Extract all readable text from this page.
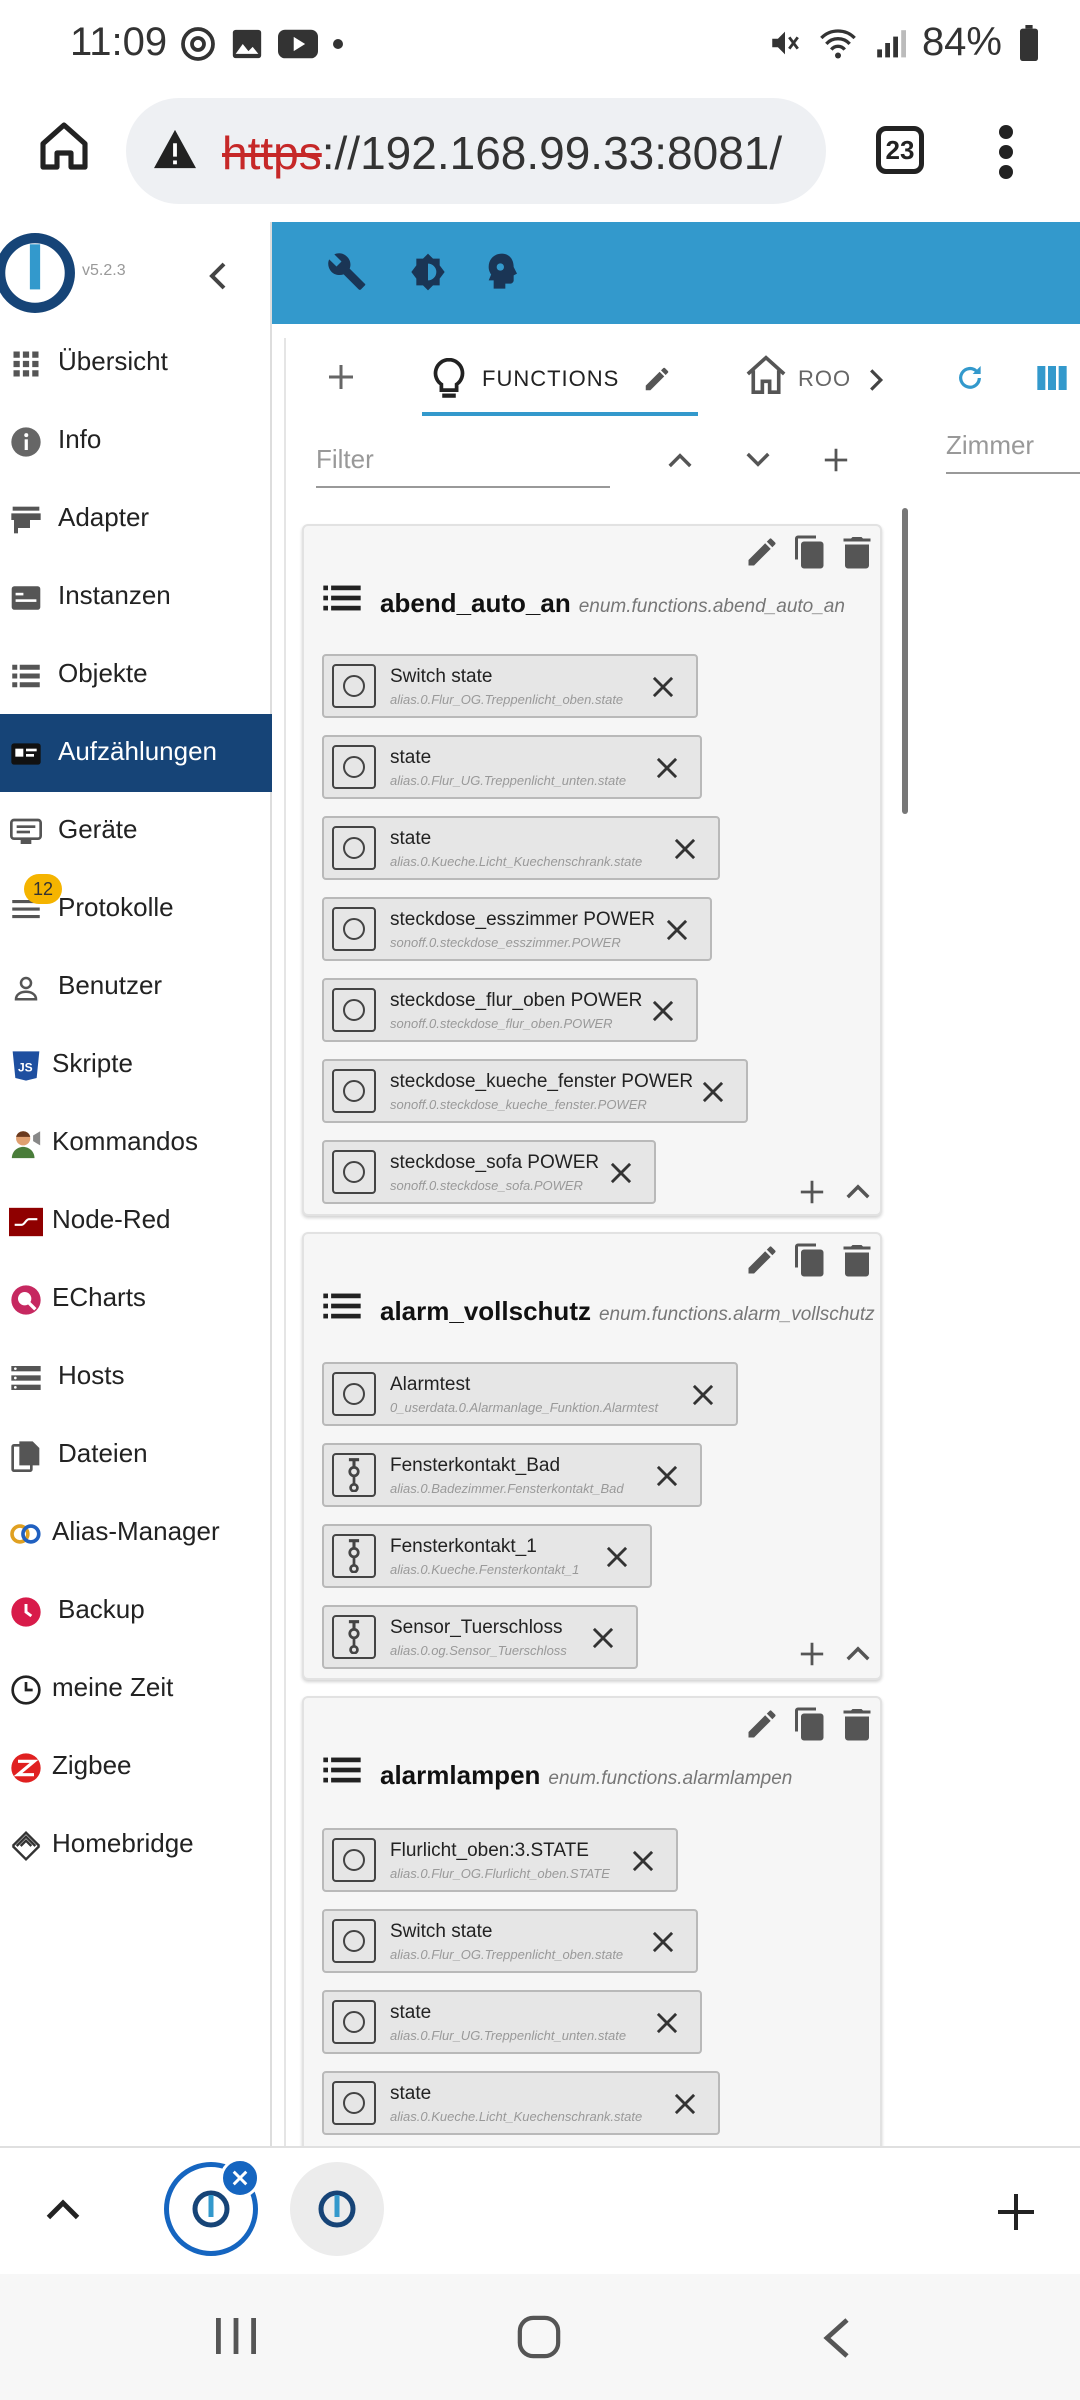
11:09	84%
https://192.168.99.33:8081/	23
v5.2.3
Übersicht
Info
Adapter
Instanzen
Objekte
Aufzählungen
Geräte
12
Protokolle
Benutzer
JS Skripte
Kommandos
Node-Red
ECharts
Hosts
Dateien
Alias-Manager
Backup
meine Zeit
Zigbee
Homebridge
FUNCTIONS	ROO
Filter	Zimmer
abend_auto_an enum.functions.abend_auto_an
Switch state
alias.0.Flur_OG.Treppenlicht_oben.state
state
alias.0.Flur_UG.Treppenlicht_unten.state
state
alias.0.Kueche.Licht_Kuechenschrank.state
steckdose_esszimmer POWER
sonoff.0.steckdose_esszimmer.POWER
steckdose_flur_oben POWER
sonoff.0.steckdose_flur_oben.POWER
steckdose_kueche_fenster POWER
sonoff.0.steckdose_kueche_fenster.POWER
steckdose_sofa POWER
sonoff.0.steckdose_sofa.POWER
alarm_vollschutz enum.functions.alarm_vollschutz
Alarmtest
0_userdata.0.Alarmanlage_Funktion.Alarmtest
Fensterkontakt_Bad
alias.0.Badezimmer.Fensterkontakt_Bad
Fensterkontakt_1
alias.0.Kueche.Fensterkontakt_1
Sensor_Tuerschloss
alias.0.og.Sensor_Tuerschloss
alarmlampen enum.functions.alarmlampen
Flurlicht_oben:3.STATE
alias.0.Flur_OG.Flurlicht_oben.STATE
Switch state
alias.0.Flur_OG.Treppenlicht_oben.state
state
alias.0.Flur_UG.Treppenlicht_unten.state
state
alias.0.Kueche.Licht_Kuechenschrank.state
